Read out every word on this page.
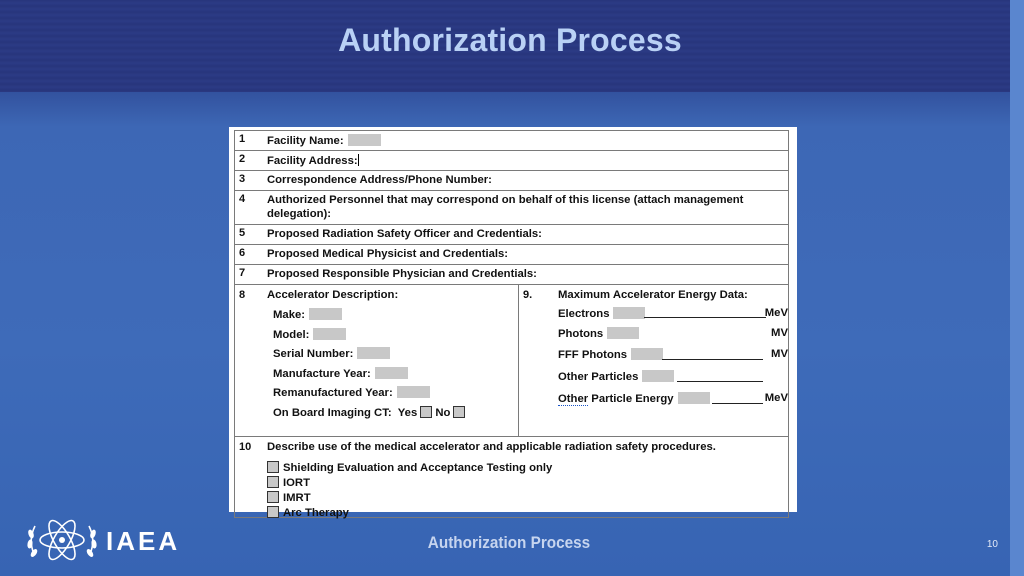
Authorization Process
1 Facility Name:
2 Facility Address:
3 Correspondence Address/Phone Number:
4 Authorized Personnel that may correspond on behalf of this license (attach management delegation):
5 Proposed Radiation Safety Officer and Credentials:
6 Proposed Medical Physicist and Credentials:
7 Proposed Responsible Physician and Credentials:
8 Accelerator Description:
Make:
Model:
Serial Number:
Manufacture Year:
Remanufactured Year:
On Board Imaging CT: Yes No
9. Maximum Accelerator Energy Data:
Electrons	MeV
Photons	MV
FFF Photons	MV
Other Particles
Other Particle Energy	MeV
10 Describe use of the medical accelerator and applicable radiation safety procedures.
Shielding Evaluation and Acceptance Testing only
IORT
IMRT
Arc Therapy
IAEA	Authorization Process	10
